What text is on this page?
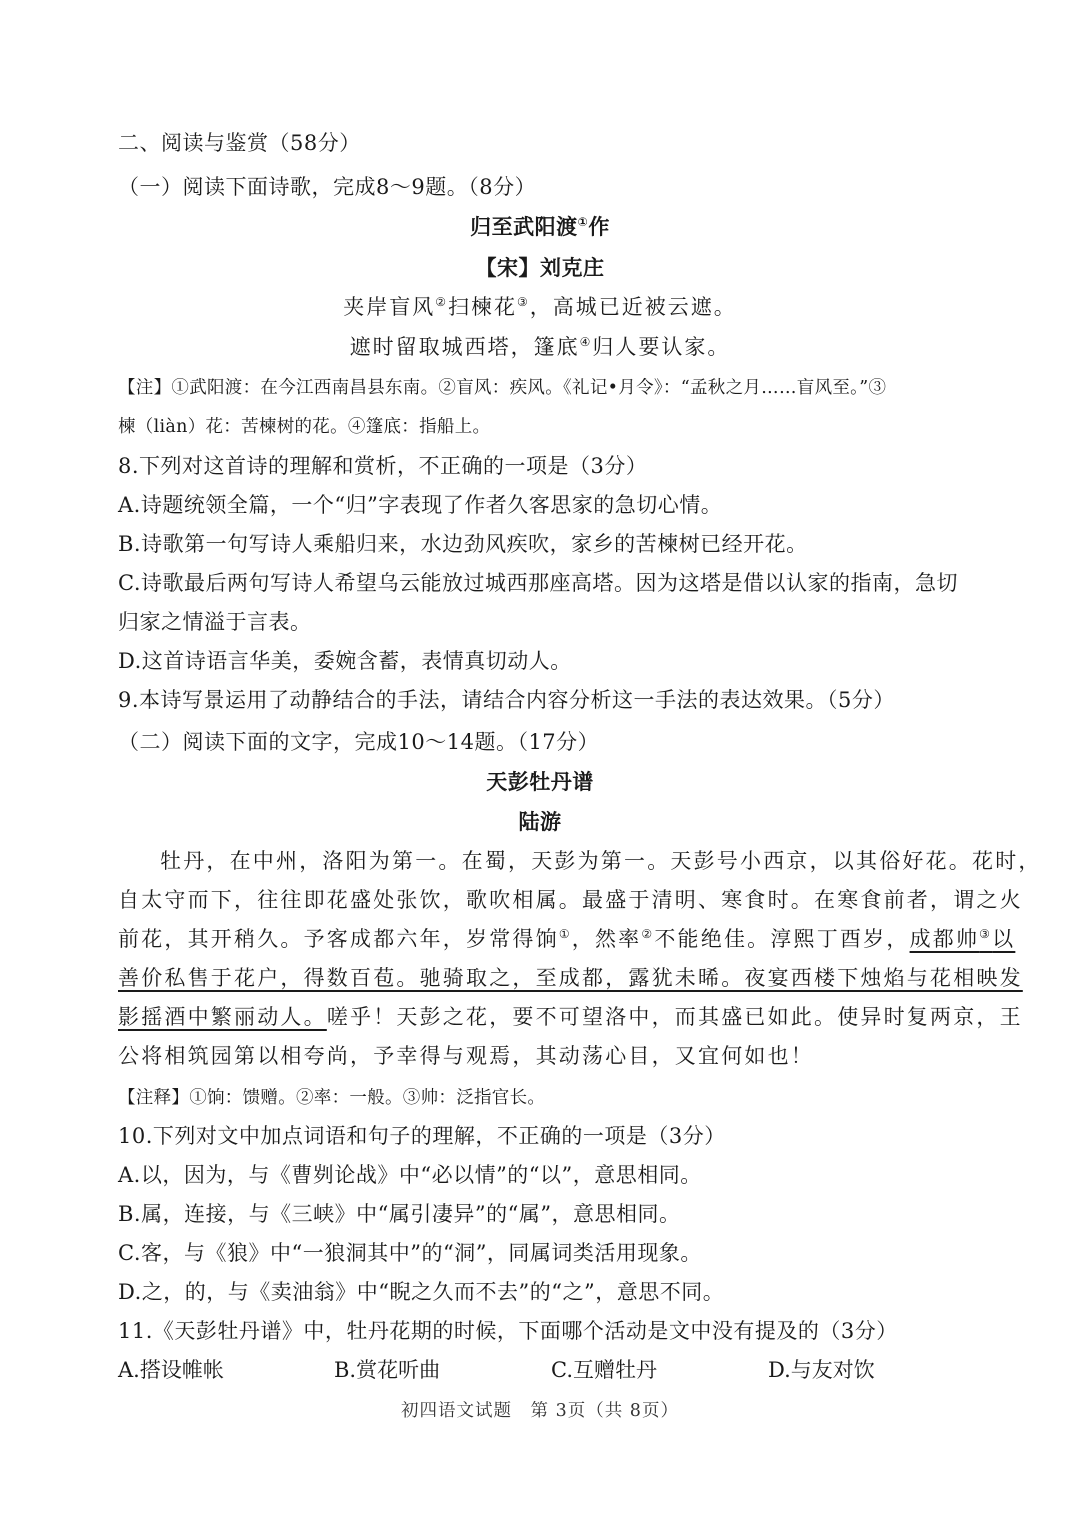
二、阅读与鉴赏（58分）
（一）阅读下面诗歌，完成8～9题。（8分）
归至武阳渡①作
【宋】刘克庄
夹岸盲风②扫楝花③，高城已近被云遮。
遮时留取城西塔，篷底④归人要认家。
【注】①武阳渡：在今江西南昌县东南。②盲风：疾风。《礼记•月令》：“孟秋之月……盲风至。”③
楝（liàn）花：苦楝树的花。④篷底：指船上。
8.下列对这首诗的理解和赏析，不正确的一项是（3分）
A.诗题统领全篇，一个“归”字表现了作者久客思家的急切心情。
B.诗歌第一句写诗人乘船归来，水边劲风疾吹，家乡的苦楝树已经开花。
C.诗歌最后两句写诗人希望乌云能放过城西那座高塔。因为这塔是借以认家的指南，急切
归家之情溢于言表。
D.这首诗语言华美，委婉含蓄，表情真切动人。
9.本诗写景运用了动静结合的手法，请结合内容分析这一手法的表达效果。（5分）
（二）阅读下面的文字，完成10～14题。（17分）
天彭牡丹谱
陆游
牡丹，在中州，洛阳为第一。在蜀，天彭为第一。天彭号小西京，以其俗好花。花时，
自太守而下，往往即花盛处张饮，歌吹相属。最盛于清明、寒食时。在寒食前者，谓之火
前花，其开稍久。予客成都六年，岁常得饷①，然率②不能绝佳。淳熙丁酉岁，成都帅③以
善价私售于花户，得数百苞。驰骑取之，至成都，露犹未晞。夜宴西楼下烛焰与花相映发
影摇酒中繁丽动人。嗟乎！天彭之花，要不可望洛中，而其盛已如此。使异时复两京，王
公将相筑园第以相夸尚，予幸得与观焉，其动荡心目，又宜何如也！
【注释】①饷：馈赠。②率：一般。③帅：泛指官长。
10.下列对文中加点词语和句子的理解，不正确的一项是（3分）
A.以，因为，与《曹刿论战》中“必以情”的“以”，意思相同。
B.属，连接，与《三峡》中“属引凄异”的“属”，意思相同。
C.客，与《狼》中“一狼洞其中”的“洞”，同属词类活用现象。
D.之，的，与《卖油翁》中“睨之久而不去”的“之”，意思不同。
11.《天彭牡丹谱》中，牡丹花期的时候，下面哪个活动是文中没有提及的（3分）
A.搭设帷帐	B.赏花听曲	C.互赠牡丹	D.与友对饮
初四语文试题　第 3页（共 8页）
